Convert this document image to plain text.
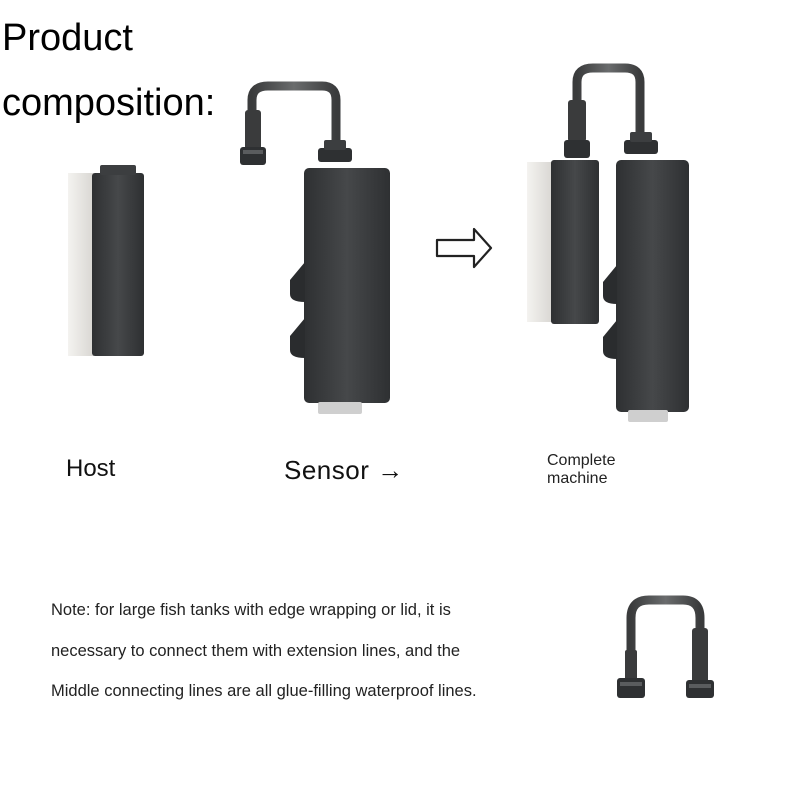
Product
composition:
Host	Sensor →	Complete
machine

Note: for large fish tanks with edge wrapping or lid, it is
necessary to connect them with extension lines, and the
Middle connecting lines are all glue-filling waterproof lines.
